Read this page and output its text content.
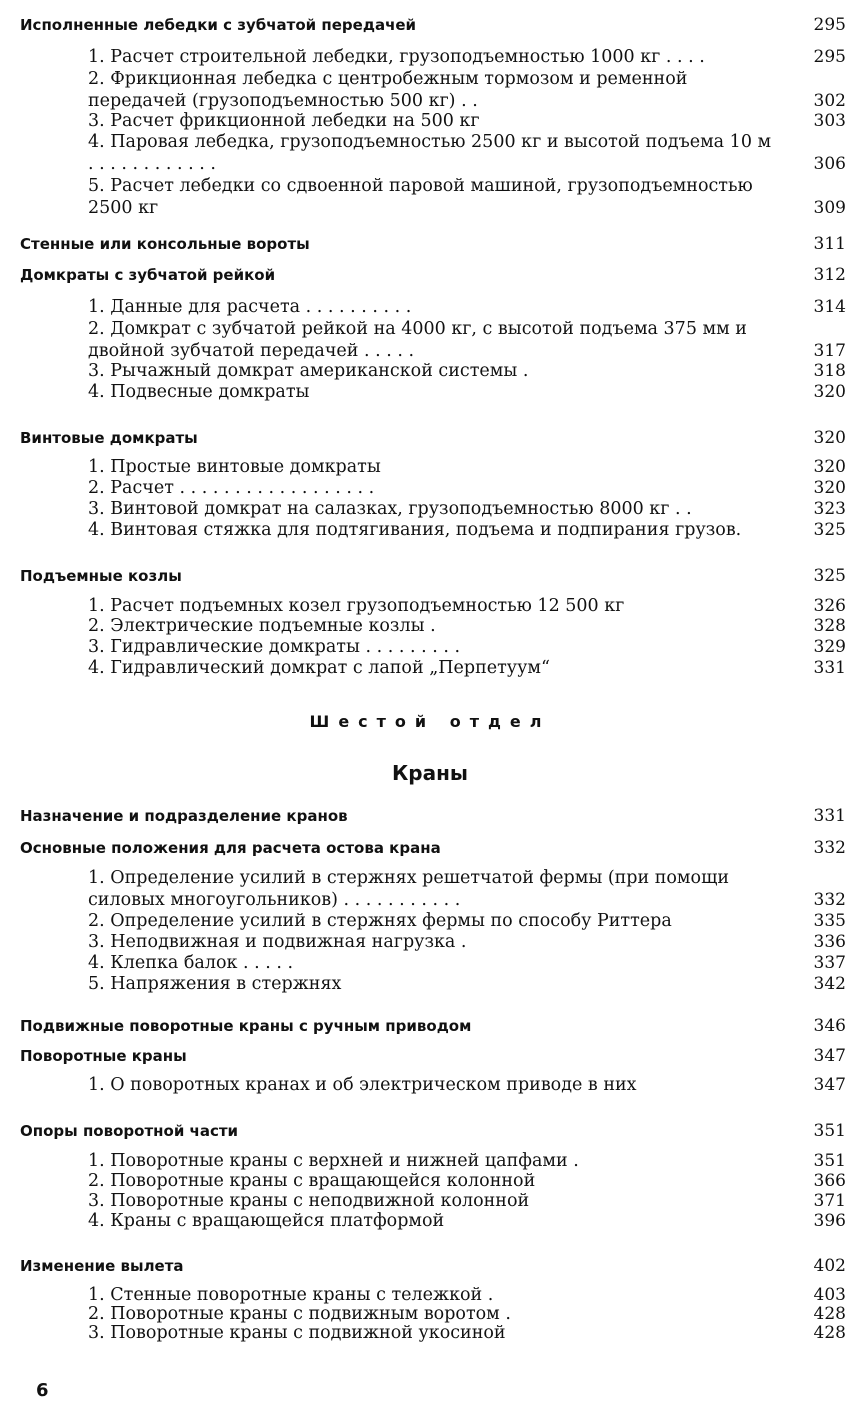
Исполненные лебедки с зубчатой передачей	295
1. Расчет строительной лебедки, грузоподъемностью 1000 кг . . . .	295
2. Фрикционная лебедка с центробежным тормозом и ременной передачей (грузоподъемностью 500 кг) . .	302
3. Расчет фрикционной лебедки на 500 кг	303
4. Паровая лебедка, грузоподъемностью 2500 кг и высотой подъема 10 м . . . . . . . . . . . .	306
5. Расчет лебедки со сдвоенной паровой машиной, грузоподъемностью 2500 кг	309
Стенные или консольные вороты	311
Домкраты с зубчатой рейкой	312
1. Данные для расчета . . . . . . . . . .	314
2. Домкрат с зубчатой рейкой на 4000 кг, с высотой подъема 375 мм и двойной зубчатой передачей . . . . .	317
3. Рычажный домкрат американской системы .	318
4. Подвесные домкраты	320
Винтовые домкраты	320
1. Простые винтовые домкраты	320
2. Расчет . . . . . . . . . . . . . . . . . .	320
3. Винтовой домкрат на салазках, грузоподъемностью 8000 кг . .	323
4. Винтовая стяжка для подтягивания, подъема и подпирания грузов.	325
Подъемные козлы	325
1. Расчет подъемных козел грузоподъемностью 12 500 кг	326
2. Электрические подъемные козлы .	328
3. Гидравлические домкраты . . . . . . . . .	329
4. Гидравлический домкрат с лапой „Перпетуум“	331
Шестой отдел
Краны
Назначение и подразделение кранов	331
Основные положения для расчета остова крана	332
1. Определение усилий в стержнях решетчатой фермы (при помощи силовых многоугольников) . . . . . . . . . . .	332
2. Определение усилий в стержнях фермы по способу Риттера	335
3. Неподвижная и подвижная нагрузка .	336
4. Клепка балок . . . . .	337
5. Напряжения в стержнях	342
Подвижные поворотные краны с ручным приводом	346
Поворотные краны	347
1. О поворотных кранах и об электрическом приводе в них	347
Опоры поворотной части	351
1. Поворотные краны с верхней и нижней цапфами .	351
2. Поворотные краны с вращающейся колонной	366
3. Поворотные краны с неподвижной колонной	371
4. Краны с вращающейся платформой	396
Изменение вылета	402
1. Стенные поворотные краны с тележкой .	403
2. Поворотные краны с подвижным воротом .	428
3. Поворотные краны с подвижной укосиной	428
6
